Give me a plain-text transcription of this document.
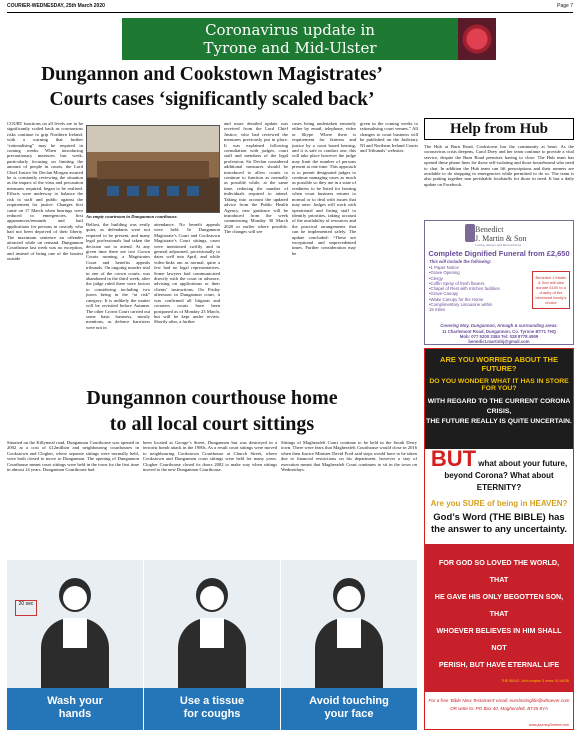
COURIER-WEDNESDAY, 25th March 2020	Page 7
Coronavirus update in
Tyrone and Mid-Ulster
Dungannon and Cookstown Magistrates’
Courts cases ‘significantly scaled back’
COURT functions on all levels are to be significantly scaled back as coronavirus risks continue to grip Northern Ireland, with a warning that further “rationalising” may be required in coming weeks. When introducing precautionary measures last week, particularly focusing on limiting the amount of people in courts, the Lord Chief Justice Sir Declan Morgan assured he is constantly reviewing the situation as the impact of the virus and precaution measures required, began to be realised. Efforts were underway to balance the risk to staff and public against the requirement for justice. Changes first came on 17 March when hearings were reduced to emergencies, first appearances/remands and bail applications for persons in custody who had not been deprived of their liberty. The maximum sentence an offender attracted while on remand. Dungannon Courthouse last week was no exception, and instead of being one of the busiest outside
An empty courtroom in Dungannon courthouse.
Belfast, the building was eerily quiet, as defendants were not required to be present, and many legal professionals had taken the decision not to attend. At any given time there are two Crown Courts running, a Magistrates Court and benefits appeals tribunals. On ongoing murder trial in one of the crown courts, was abandoned in the third week, after the judge ruled there were factors to considering including two jurors being in the “at risk” category. It is unlikely the matter will be revisited before Autumn. The other Crown Court carried out some basic business, mostly mentions, as defence barristers were not in
attendance. No benefit appeals were held. In Dungannon Magistrate’s Court and Cookstown Magistrate’s Court sittings, cases were mentioned swiftly and in general adjourned, provisionally to dates well into April, and while video-links ran as normal, quite a few had no legal representatives. Some lawyers had communicated directly with the court in advance, advising on applications or their clients’ instructions. On Friday afternoon in Dungannon court, it was confirmed all litigants and coroners courts have been postponed as of Monday 23 March, but will be kept under review. Shortly after, a further
and more detailed update was received from the Lord Chief Justice, who had reviewed the measures previously put in place. It was explained following consultation with judges, court staff and members of the legal profession, Sir Declan considered additional measures should be introduced to allow courts to continue to function as normally as possible while, at the same time, reducing the number of individuals required to attend. Taking into account the updated advice from the Public Health Agency, new guidance will be introduced from the week commencing Monday 30 March 2020 or earlier where possible. The changes will see
cases being undertaken remotely either by email, telephone, video or Skype. Where there is requirement for fairness and justice by a court based hearing, and it is safe to conduct one, this will take place however the judge may limit the number of persons present at one time. This approach is to permit designated judges to continue managing cases as much as possible so they are in a state of readiness to be listed for hearing when court business returns to normal or to deal with issues that may arise. Judges will work with operational and listing staff to identify priorities, taking account of the availability of resources and the practical arrangements that can be implemented safely. The update concluded: “These are exceptional and unprecedented times. Further consideration may be
given in the coming weeks to rationalising court venues.” All changes to court business will be published on the Judiciary NI and Northern Ireland Courts and Tribunals’ websites.
Help from Hub
The Hub at Burn Road, Cookstown has the community at heart. As the coronavirus crisis deepens, Carol Doey and her team continue to provide a vital service, despite the Burn Road premises having to close. The Hub team has opened these phone lines for those self-isolating and those housebound who need to chat. In addition the Hub team can lift prescriptions and their runners are available to do shopping in emergencies while permitted to do so. The team is also putting together non perishable foodstuffs for those in need. It has a daily update on Facebook.
Benedict
J. Martin & Son
Caring Always and Remembered
Complete Dignified Funeral from £2,650
This will include the following:
•1 Paper Notice
•Grave Opening
•Clergy
•Coffin Spray of fresh flowers
•Chapel of Rest with Kitchen facilities
•Grave Canopy
•Wake Canopy for the Home
•Complimentary Limousine within
15 miles
Benedict J Martin & Son will also donate £100 to a charity of the bereaved family’s choice
Covering Moy, Dungannon, Armagh & surrounding areas.
11 Charlemont Road, Dungannon, Co. Tyrone BT71 7HQ
Mob: 077 5200 3384 Tel: 028 8778 4909
benedict.martinbj@gmail.com
ARE YOU WORRIED ABOUT THE FUTURE?
DO YOU WONDER WHAT IT HAS IN STORE FOR YOU?
WITH REGARD TO THE CURRENT CORONA CRISIS,
THE FUTURE REALLY IS QUITE UNCERTAIN.
BUT what about your future,
beyond Corona? What about ETERNITY?
Are you SURE of being in HEAVEN?
God’s Word (THE BIBLE) has
the answer to any uncertainty.
FOR GOD SO LOVED THE WORLD, THAT
HE GAVE HIS ONLY BEGOTTEN SON, THAT
WHOEVER BELIEVES IN HIM SHALL NOT
PERISH, BUT HAVE ETERNAL LIFE
THE BIBLE: John chapter 3 verse 16 NASB
For a free ‘Bible New Testament’ email: everlastinglife@whoever.com
OR write to: PO Box 40, Magherafelt, BT45 8YA
www.journey2where.com
Dungannon courthouse home
to all local court sittings
Situated on the Killymeal road, Dungannon Courthouse was opened in 2002 at a cost of £12million and neighbouring courthouses in Cookstown and Clogher, where separate sittings were normally held, were both closed to move to Dungannon. The opening of Dungannon Courthouse meant court sittings were held in the town for the first time in almost 14 years. Dungannon Courthouse had
been located at George’s Street, Dungannon but was destroyed in a terrorist bomb attack in the 1980s. As a result court sittings were moved to neighbouring Cookstown Courthouse at Church Street, where Cookstown and Dungannon court sittings were held for many years. Clogher Courthouse closed its doors 2002 to make way when sittings moved to the new Dungannon Courthouse.
Sittings of Magherafelt Court continue to be held in the South Derry town. There were fears that Magherafelt Courthouse would close in 2016 when then Justice Minister David Ford said steps would have to be taken due to financial restrictions on his department, however a stay of execution meant that Magherafelt Court continues to sit in the town on Wednesdays.
20 sec
Wash your
hands
Use a tissue
for coughs
Avoid touching
your face
